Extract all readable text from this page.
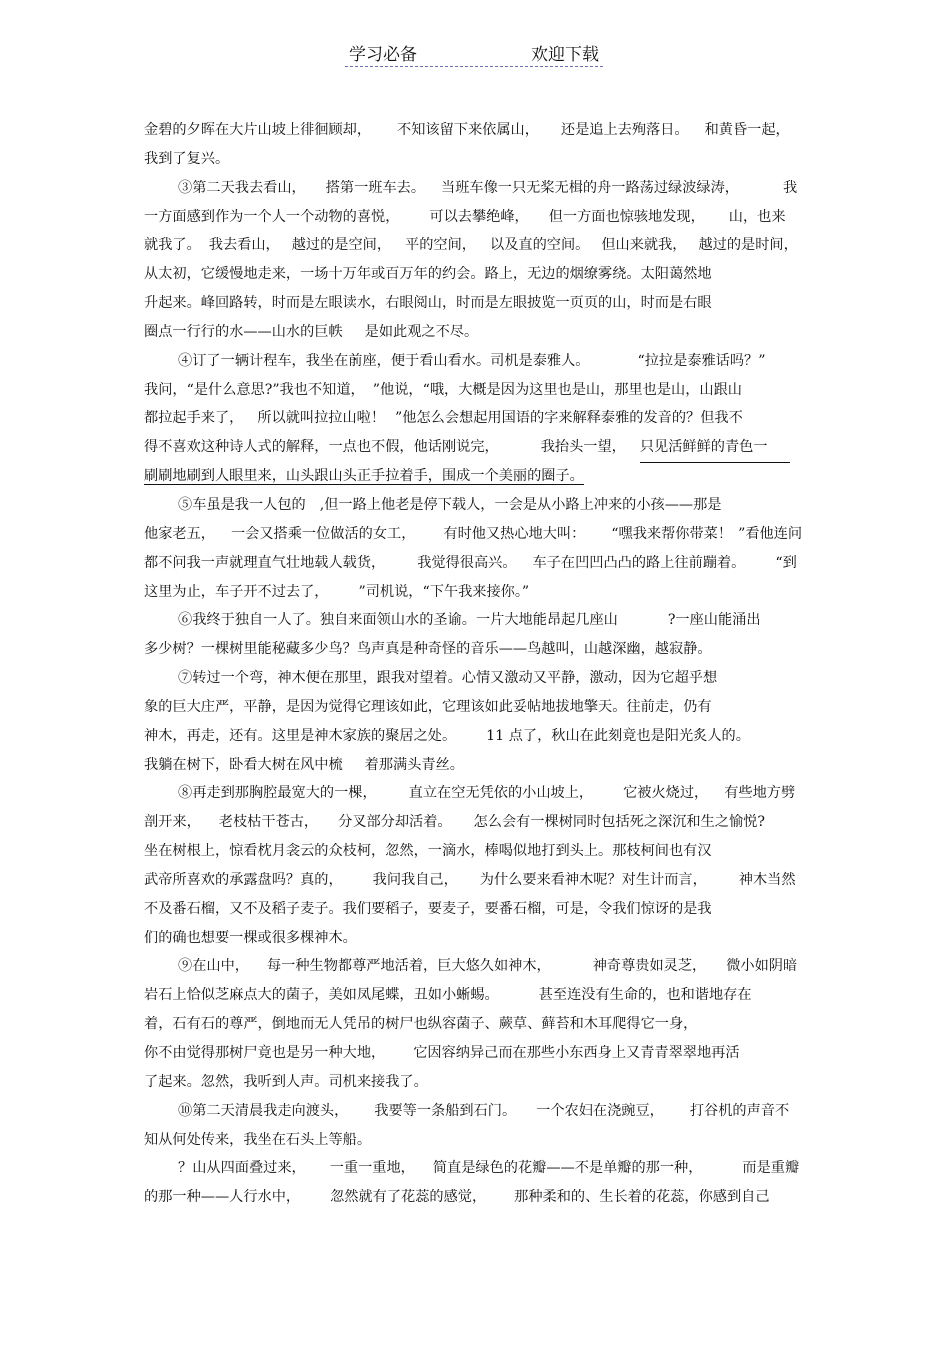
学习必备	欢迎下载
金碧的夕晖在大片山坡上徘徊顾却， 不知该留下来依属山， 还是追上去殉落日。 和黄昏一起，
我到了复兴。
③第二天我去看山， 搭第一班车去。 当班车像一只无桨无楫的舟一路荡过绿波绿涛，	我
一方面感到作为一个人一个动物的喜悦， 可以去攀绝峰， 但一方面也惊骇地发现， 山，也来
就我了。 我去看山， 越过的是空间， 平的空间， 以及直的空间。 但山来就我， 越过的是时间，
从太初，它缓慢地走来，一场十万年或百万年的约会。路上，无边的烟缭雾绕。太阳蔼然地
升起来。峰回路转，时而是左眼读水，右眼阅山，时而是左眼披览一页页的山，时而是右眼
圈点一行行的水——山水的巨帙 是如此观之不尽。
④订了一辆计程车，我坐在前座，便于看山看水。司机是泰雅人。	“拉拉是泰雅话吗？”
我问，“是什么意思?”我也不知道， ”他说，“哦，大概是因为这里也是山，那里也是山，山跟山
都拉起手来了， 所以就叫拉拉山啦！ ”他怎么会想起用国语的字来解释泰雅的发音的？但我不
得不喜欢这种诗人式的解释，一点也不假，他话刚说完，	我抬头一望， 只见活鲜鲜的青色一
刷刷地刷到人眼里来，山头跟山头正手拉着手，围成一个美丽的圈子。
⑤车虽是我一人包的 ,但一路上他老是停下载人，一会是从小路上冲来的小孩——那是
他家老五， 一会又搭乘一位做活的女工， 有时他又热心地大叫： “嘿我来帮你带菜！ ”看他连问
都不问我一声就理直气壮地载人载货， 我觉得很高兴。 车子在凹凹凸凸的路上往前蹦着。 “到
这里为止，车子开不过去了， ”司机说，“下午我来接你。”
⑥我终于独自一人了。独自来面领山水的圣谕。一片大地能昂起几座山	?一座山能涌出
多少树？一棵树里能秘藏多少鸟？鸟声真是种奇怪的音乐——鸟越叫，山越深幽，越寂静。
⑦转过一个弯，神木便在那里，跟我对望着。心情又激动又平静，激动，因为它超乎想
象的巨大庄严，平静，是因为觉得它理该如此，它理该如此妥帖地拔地擎天。往前走，仍有
神木，再走，还有。这里是神木家族的聚居之处。 11 点了，秋山在此刻竟也是阳光炙人的。
我躺在树下，卧看大树在风中梳 着那满头青丝。
⑧再走到那胸腔最宽大的一棵， 直立在空无凭依的小山坡上， 它被火烧过， 有些地方劈
剖开来， 老枝枯干苍古， 分叉部分却活着。 怎么会有一棵树同时包括死之深沉和生之愉悦?
坐在树根上，惊看枕月衾云的众枝柯，忽然，一滴水，棒喝似地打到头上。那枝柯间也有汉
武帝所喜欢的承露盘吗？真的， 我问我自己， 为什么要来看神木呢？对生计而言， 神木当然
不及番石榴，又不及稻子麦子。我们要稻子，要麦子，要番石榴，可是，令我们惊讶的是我
们的确也想要一棵或很多棵神木。
⑨在山中， 每一种生物都尊严地活着，巨大悠久如神木，	神奇尊贵如灵芝， 微小如阴暗
岩石上恰似芝麻点大的菌子，美如凤尾蝶，丑如小蜥蜴。	甚至连没有生命的，也和谐地存在
着，石有石的尊严，倒地而无人凭吊的树尸也纵容菌子、蕨草、藓苔和木耳爬得它一身，
你不由觉得那树尸竟也是另一种大地， 它因容纳异己而在那些小东西身上又青青翠翠地再活
了起来。忽然，我听到人声。司机来接我了。
⑩第二天清晨我走向渡头， 我要等一条船到石门。 一个农妇在浇豌豆， 打谷机的声音不
知从何处传来，我坐在石头上等船。
？山从四面叠过来， 一重一重地， 简直是绿色的花瓣——不是单瓣的那一种，	而是重瓣
的那一种——人行水中， 忽然就有了花蕊的感觉， 那种柔和的、生长着的花蕊，你感到自己
